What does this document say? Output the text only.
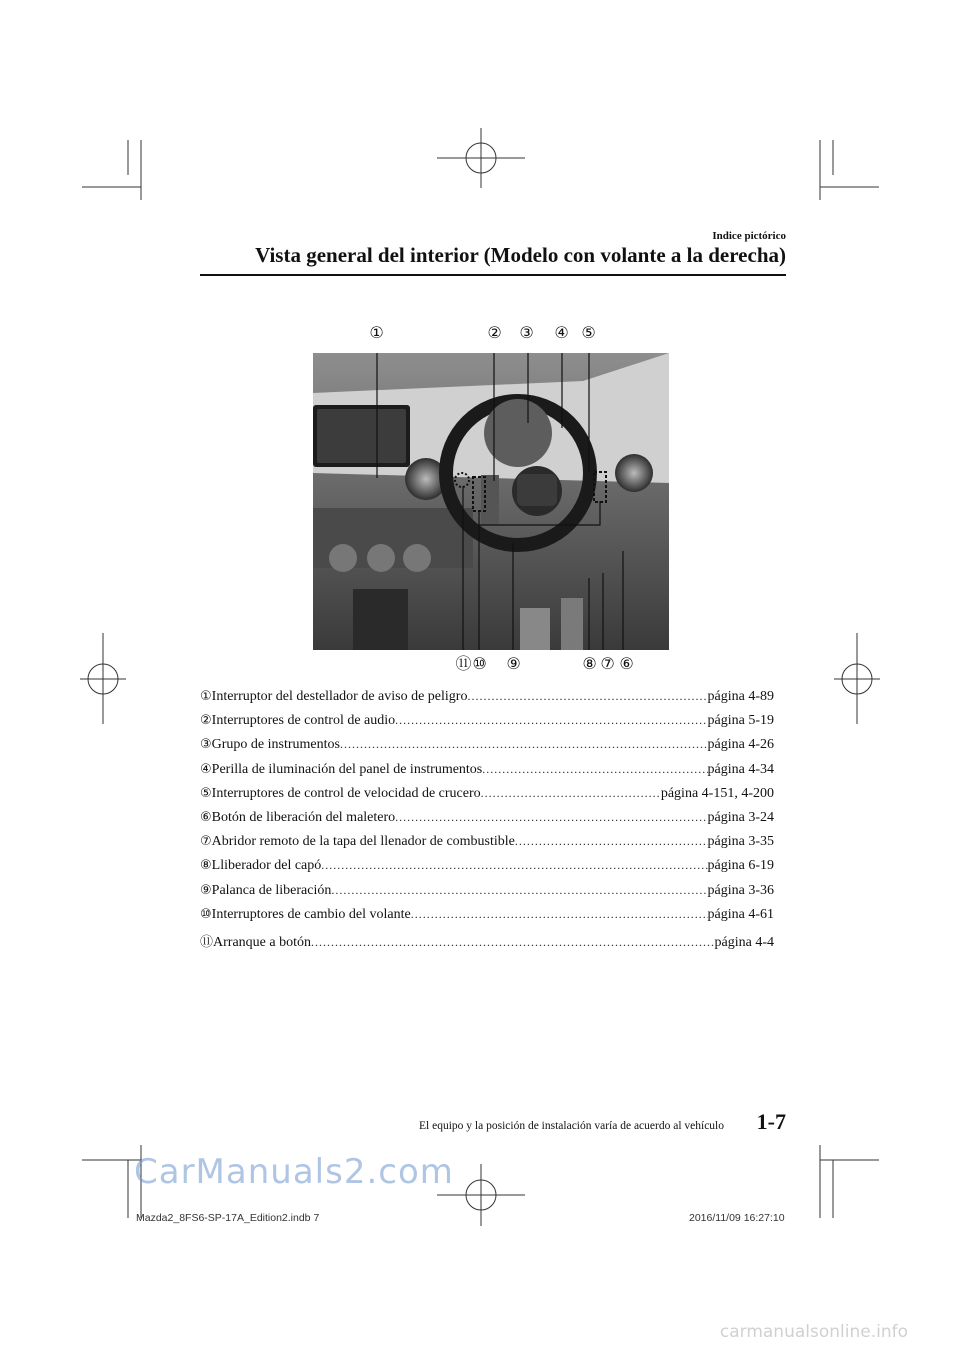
Indice pictórico
Vista general del interior (Modelo con volante a la derecha)
①	② ③ ④ ⑤
⑪ ⑩ ⑨	⑧ ⑦ ⑥
① Interruptor del destellador de aviso de peligro .....	página 4-89
② Interruptores de control de audio .....	página 5-19
③ Grupo de instrumentos .....	página 4-26
④ Perilla de iluminación del panel de instrumentos .....	página 4-34
⑤ Interruptores de control de velocidad de crucero .....	página 4-151, 4-200
⑥ Botón de liberación del maletero .....	página 3-24
⑦ Abridor remoto de la tapa del llenador de combustible .....	página 3-35
⑧ Lliberador del capó .....	página 6-19
⑨ Palanca de liberación .....	página 3-36
⑩ Interruptores de cambio del volante .....	página 4-61
⑪ Arranque a botón .....	página 4-4
El equipo y la posición de instalación varía de acuerdo al vehículo 1-7
CarManuals2.com
Mazda2_8FS6-SP-17A_Edition2.indb 7	2016/11/09 16:27:10
carmanualsonline.info
